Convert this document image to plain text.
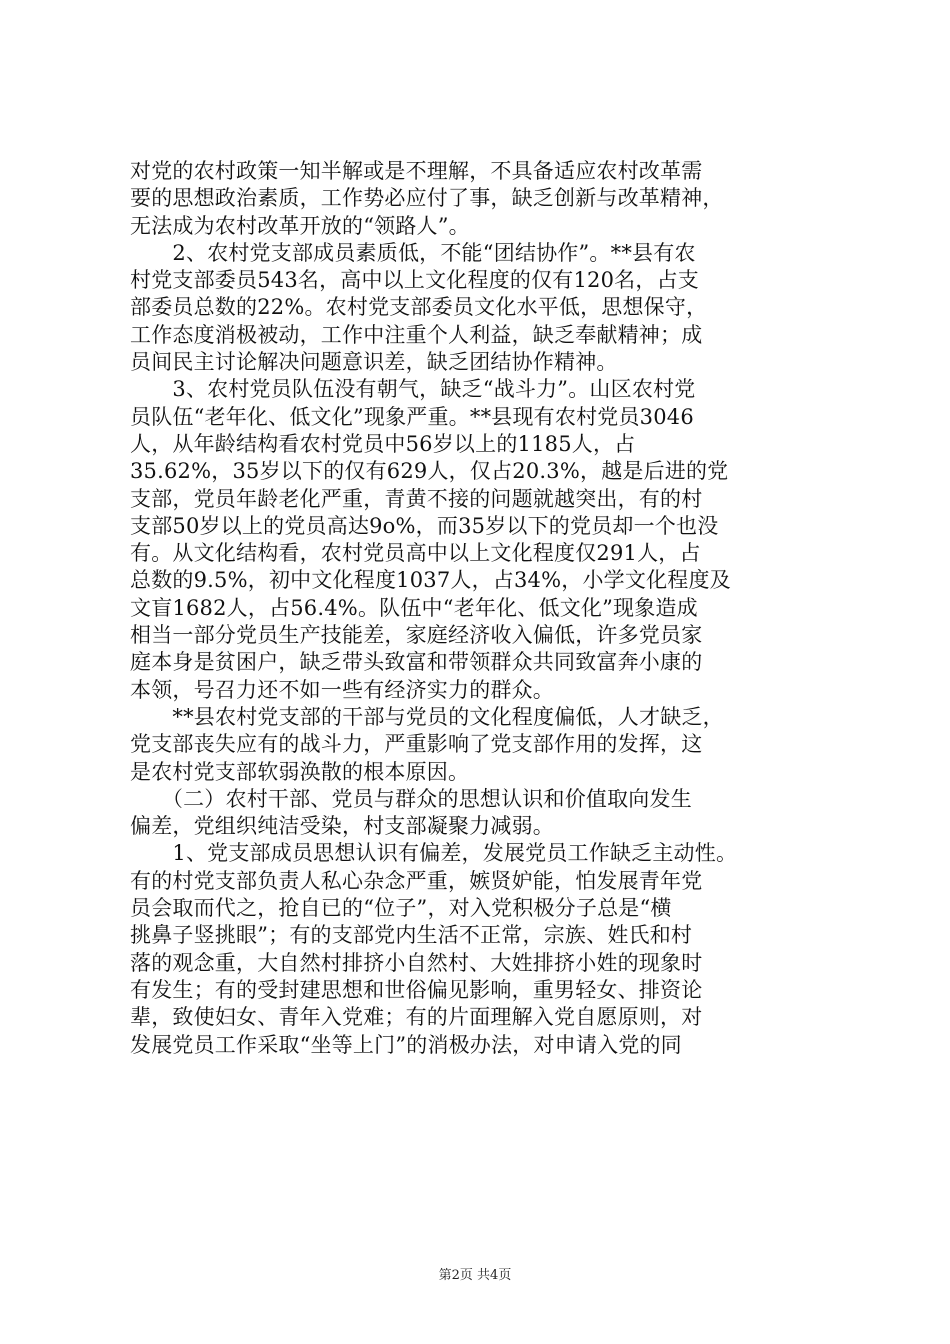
对党的农村政策一知半解或是不理解，不具备适应农村改革需
要的思想政治素质，工作势必应付了事，缺乏创新与改革精神，
无法成为农村改革开放的“领路人”。
　　2、农村党支部成员素质低，不能“团结协作”。**县有农
村党支部委员543名，高中以上文化程度的仅有120名，占支
部委员总数的22%。农村党支部委员文化水平低，思想保守，
工作态度消极被动，工作中注重个人利益，缺乏奉献精神；成
员间民主讨论解决问题意识差，缺乏团结协作精神。
　　3、农村党员队伍没有朝气，缺乏“战斗力”。山区农村党
员队伍“老年化、低文化”现象严重。**县现有农村党员3046
人，从年龄结构看农村党员中56岁以上的1185人，占
35.62%，35岁以下的仅有629人，仅占20.3%，越是后进的党
支部，党员年龄老化严重，青黄不接的问题就越突出，有的村
支部50岁以上的党员高达9o%，而35岁以下的党员却一个也没
有。从文化结构看，农村党员高中以上文化程度仅291人，占
总数的9.5%，初中文化程度1037人，占34%，小学文化程度及
文盲1682人，占56.4%。队伍中“老年化、低文化”现象造成
相当一部分党员生产技能差，家庭经济收入偏低，许多党员家
庭本身是贫困户，缺乏带头致富和带领群众共同致富奔小康的
本领，号召力还不如一些有经济实力的群众。
　　**县农村党支部的干部与党员的文化程度偏低，人才缺乏，
党支部丧失应有的战斗力，严重影响了党支部作用的发挥，这
是农村党支部软弱涣散的根本原因。
　　（二）农村干部、党员与群众的思想认识和价值取向发生
偏差，党组织纯洁受染，村支部凝聚力减弱。
　　1、党支部成员思想认识有偏差，发展党员工作缺乏主动性。
有的村党支部负责人私心杂念严重，嫉贤妒能，怕发展青年党
员会取而代之，抢自已的“位子”，对入党积极分子总是“横
挑鼻子竖挑眼”；有的支部党内生活不正常，宗族、姓氏和村
落的观念重，大自然村排挤小自然村、大姓排挤小姓的现象时
有发生；有的受封建思想和世俗偏见影响，重男轻女、排资论
辈，致使妇女、青年入党难；有的片面理解入党自愿原则，对
发展党员工作采取“坐等上门”的消极办法，对申请入党的同
第2页 共4页
